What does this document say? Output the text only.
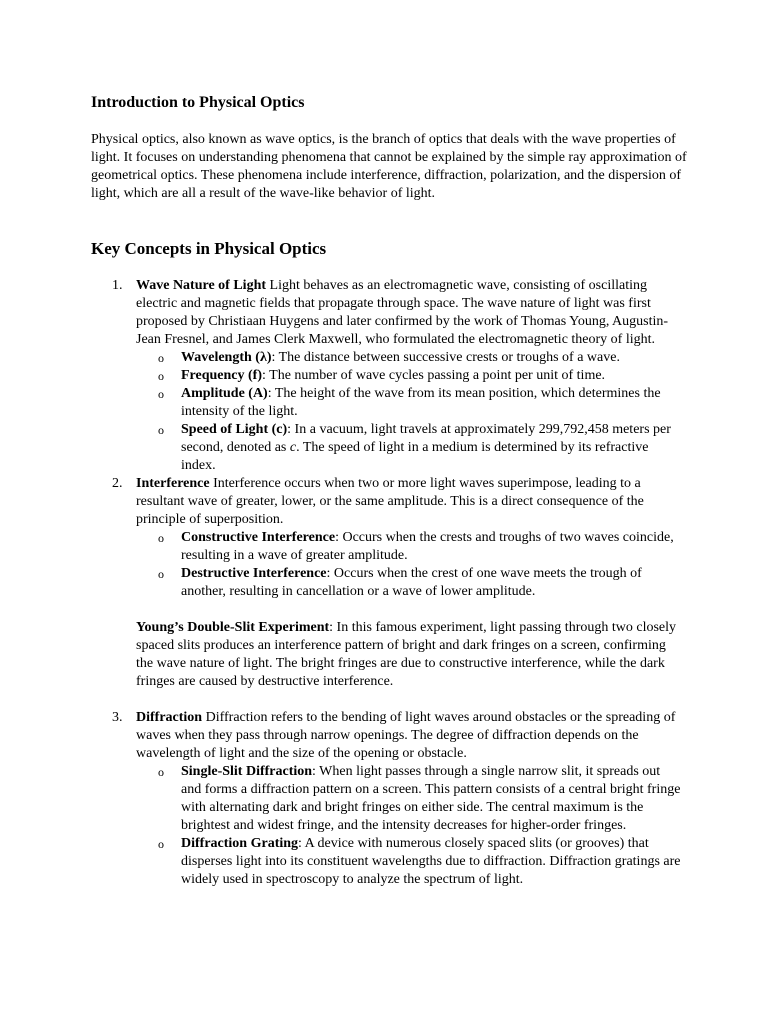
Introduction to Physical Optics

Physical optics, also known as wave optics, is the branch of optics that deals with the wave properties of light. It focuses on understanding phenomena that cannot be explained by the simple ray approximation of geometrical optics. These phenomena include interference, diffraction, polarization, and the dispersion of light, which are all a result of the wave-like behavior of light.

Key Concepts in Physical Optics
1. Wave Nature of Light Light behaves as an electromagnetic wave, consisting of oscillating electric and magnetic fields that propagate through space. The wave nature of light was first proposed by Christiaan Huygens and later confirmed by the work of Thomas Young, Augustin-Jean Fresnel, and James Clerk Maxwell, who formulated the electromagnetic theory of light.
o Wavelength (λ): The distance between successive crests or troughs of a wave.
o Frequency (f): The number of wave cycles passing a point per unit of time.
o Amplitude (A): The height of the wave from its mean position, which determines the intensity of the light.
o Speed of Light (c): In a vacuum, light travels at approximately 299,792,458 meters per second, denoted as c. The speed of light in a medium is determined by its refractive index.
2. Interference Interference occurs when two or more light waves superimpose, leading to a resultant wave of greater, lower, or the same amplitude. This is a direct consequence of the principle of superposition.
o Constructive Interference: Occurs when the crests and troughs of two waves coincide, resulting in a wave of greater amplitude.
o Destructive Interference: Occurs when the crest of one wave meets the trough of another, resulting in cancellation or a wave of lower amplitude.
Young’s Double-Slit Experiment: In this famous experiment, light passing through two closely spaced slits produces an interference pattern of bright and dark fringes on a screen, confirming the wave nature of light. The bright fringes are due to constructive interference, while the dark fringes are caused by destructive interference.
3. Diffraction Diffraction refers to the bending of light waves around obstacles or the spreading of waves when they pass through narrow openings. The degree of diffraction depends on the wavelength of light and the size of the opening or obstacle.
o Single-Slit Diffraction: When light passes through a single narrow slit, it spreads out and forms a diffraction pattern on a screen. This pattern consists of a central bright fringe with alternating dark and bright fringes on either side. The central maximum is the brightest and widest fringe, and the intensity decreases for higher-order fringes.
o Diffraction Grating: A device with numerous closely spaced slits (or grooves) that disperses light into its constituent wavelengths due to diffraction. Diffraction gratings are widely used in spectroscopy to analyze the spectrum of light.
